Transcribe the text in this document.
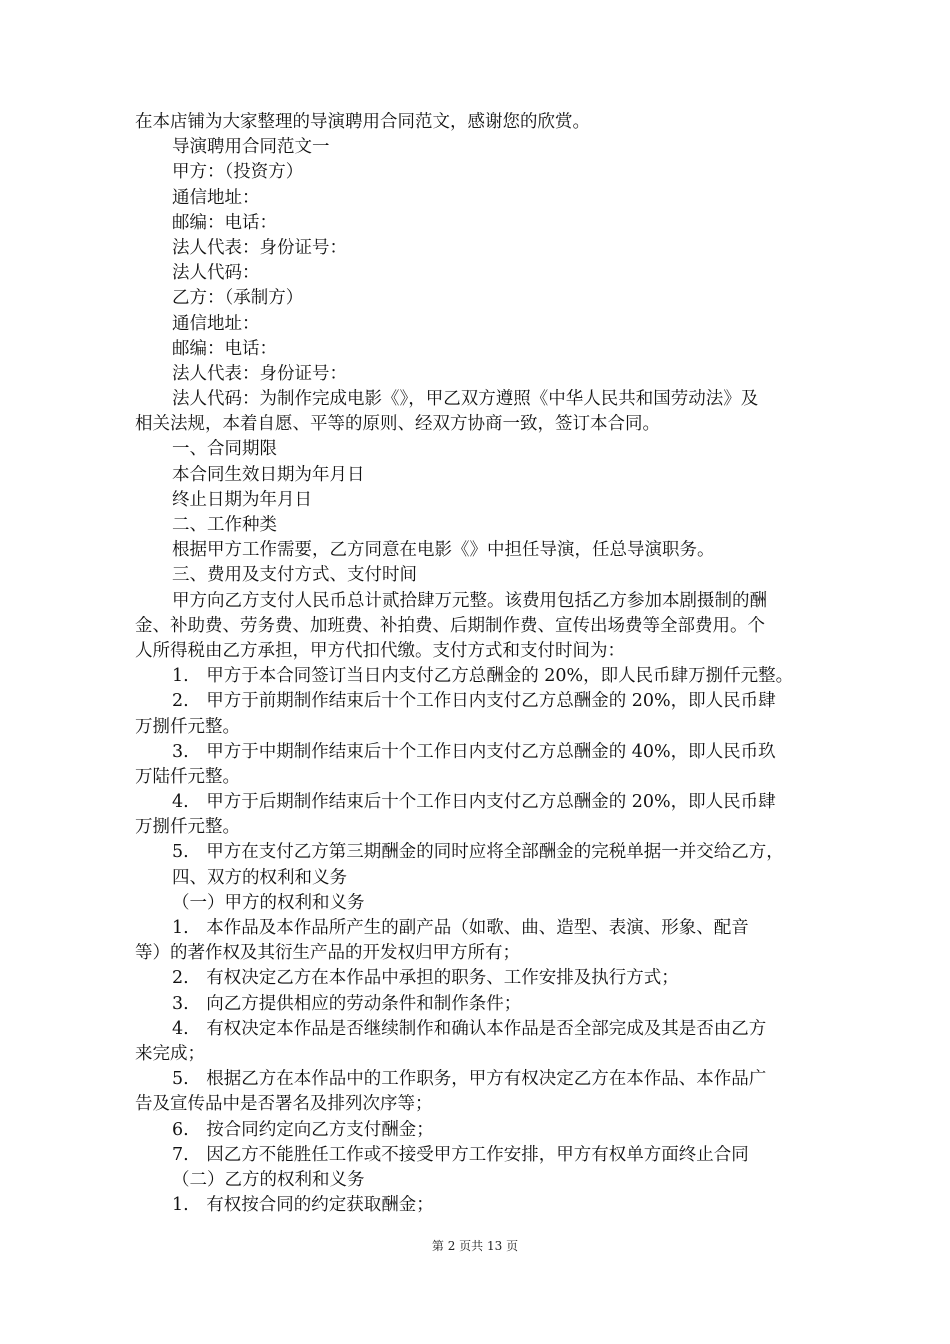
在本店铺为大家整理的导演聘用合同范文，感谢您的欣赏。
导演聘用合同范文一
甲方：（投资方）
通信地址：
邮编：电话：
法人代表：身份证号：
法人代码：
乙方：（承制方）
通信地址：
邮编：电话：
法人代表：身份证号：
法人代码：为制作完成电影《》，甲乙双方遵照《中华人民共和国劳动法》及
相关法规，本着自愿、平等的原则、经双方协商一致，签订本合同。
一、合同期限
本合同生效日期为年月日
终止日期为年月日
二、工作种类
根据甲方工作需要，乙方同意在电影《》中担任导演，任总导演职务。
三、费用及支付方式、支付时间
甲方向乙方支付人民币总计贰拾肆万元整。该费用包括乙方参加本剧摄制的酬
金、补助费、劳务费、加班费、补拍费、后期制作费、宣传出场费等全部费用。个
人所得税由乙方承担，甲方代扣代缴。支付方式和支付时间为：
1.　甲方于本合同签订当日内支付乙方总酬金的 20%，即人民币肆万捌仟元整。
2.　甲方于前期制作结束后十个工作日内支付乙方总酬金的 20%，即人民币肆
万捌仟元整。
3.　甲方于中期制作结束后十个工作日内支付乙方总酬金的 40%，即人民币玖
万陆仟元整。
4.　甲方于后期制作结束后十个工作日内支付乙方总酬金的 20%，即人民币肆
万捌仟元整。
5.　甲方在支付乙方第三期酬金的同时应将全部酬金的完税单据一并交给乙方，
四、双方的权利和义务
（一）甲方的权利和义务
1.　本作品及本作品所产生的副产品（如歌、曲、造型、表演、形象、配音
等）的著作权及其衍生产品的开发权归甲方所有；
2.　有权决定乙方在本作品中承担的职务、工作安排及执行方式；
3.　向乙方提供相应的劳动条件和制作条件；
4.　有权决定本作品是否继续制作和确认本作品是否全部完成及其是否由乙方
来完成；
5.　根据乙方在本作品中的工作职务，甲方有权决定乙方在本作品、本作品广
告及宣传品中是否署名及排列次序等；
6.　按合同约定向乙方支付酬金；
7.　因乙方不能胜任工作或不接受甲方工作安排，甲方有权单方面终止合同
（二）乙方的权利和义务
1.　有权按合同的约定获取酬金；
第 2 页共 13 页
